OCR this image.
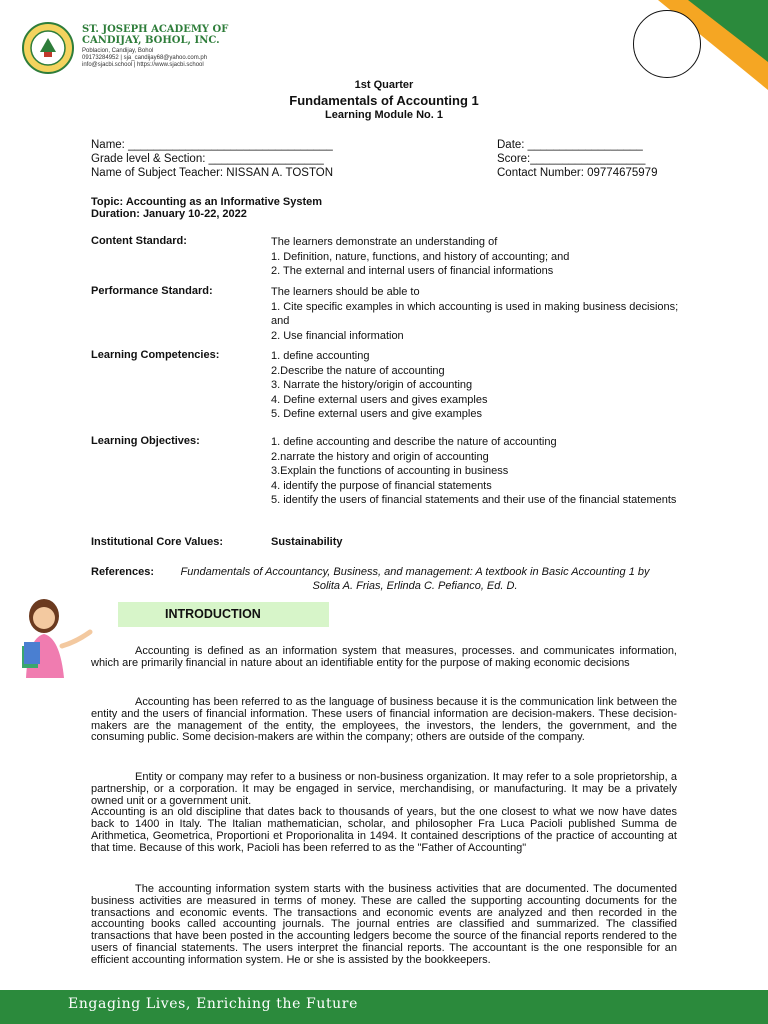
ST. JOSEPH ACADEMY OF
CANDIJAY, BOHOL, INC.
Poblacion, Candijay, Bohol
09173284952 | sja_candijay68@yahoo.com.ph
info@sjacbi.school | https://www.sjacbi.school
1st Quarter
Fundamentals of Accounting 1
Learning Module No. 1
Name: ________________________________
Grade level & Section: __________________
Name of Subject Teacher: NISSAN A. TOSTON
Date: __________________
Score:__________________
Contact Number: 09774675979
Topic: Accounting as an Informative System
Duration: January 10-22, 2022
Content Standard:	The learners demonstrate an understanding of
1. Definition, nature, functions, and history of accounting; and
2. The external and internal users of financial informations
Performance Standard:	The learners should be able to
1. Cite specific examples in which accounting is used in making business decisions; and
2. Use financial information
Learning Competencies:	1. define accounting
2.Describe the nature of accounting
3. Narrate the history/origin of accounting
4. Define external users and gives examples
5. Define external users and give examples
Learning Objectives:	1. define accounting and describe the nature of accounting
2.narrate the history and origin of accounting
3.Explain the functions of accounting in business
4. identify the purpose of financial statements
5. identify the users of financial statements and their use of the financial statements
Institutional Core Values:	Sustainability
References: Fundamentals of Accountancy, Business, and management: A textbook in Basic Accounting 1 by Solita A. Frias, Erlinda C. Pefianco, Ed. D.
INTRODUCTION

Accounting is defined as an information system that measures, processes. and communicates information, which are primarily financial in nature about an identifiable entity for the purpose of making economic decisions

Accounting has been referred to as the language of business because it is the communication link between the entity and the users of financial information. These users of financial information are decision-makers. These decision-makers are the management of the entity, the employees, the investors, the lenders, the government, and the consuming public. Some decision-makers are within the company; others are outside of the company.

Entity or company may refer to a business or non-business organization. It may refer to a sole proprietorship, a partnership, or a corporation. It may be engaged in service, merchandising, or manufacturing. It may be a privately owned unit or a government unit.

Accounting is an old discipline that dates back to thousands of years, but the one closest to what we now have dates back to 1400 in Italy. The Italian mathematician, scholar, and philosopher Fra Luca Pacioli published Summa de Arithmetica, Geometrica, Proportioni et Proporionalita in 1494. It contained descriptions of the practice of accounting at that time. Because of this work, Pacioli has been referred to as the "Father of Accounting"

The accounting information system starts with the business activities that are documented. The documented business activities are measured in terms of money. These are called the supporting accounting documents for the transactions and economic events. The transactions and economic events are analyzed and then recorded in the accounting books called accounting journals. The journal entries are classified and summarized. The classified transactions that have been posted in the accounting ledgers become the source of the financial reports rendered to the users of financial statements. The users interpret the financial reports. The accountant is the one responsible for an efficient accounting information system. He or she is assisted by the bookkeepers.

Engaging Lives, Enriching the Future
